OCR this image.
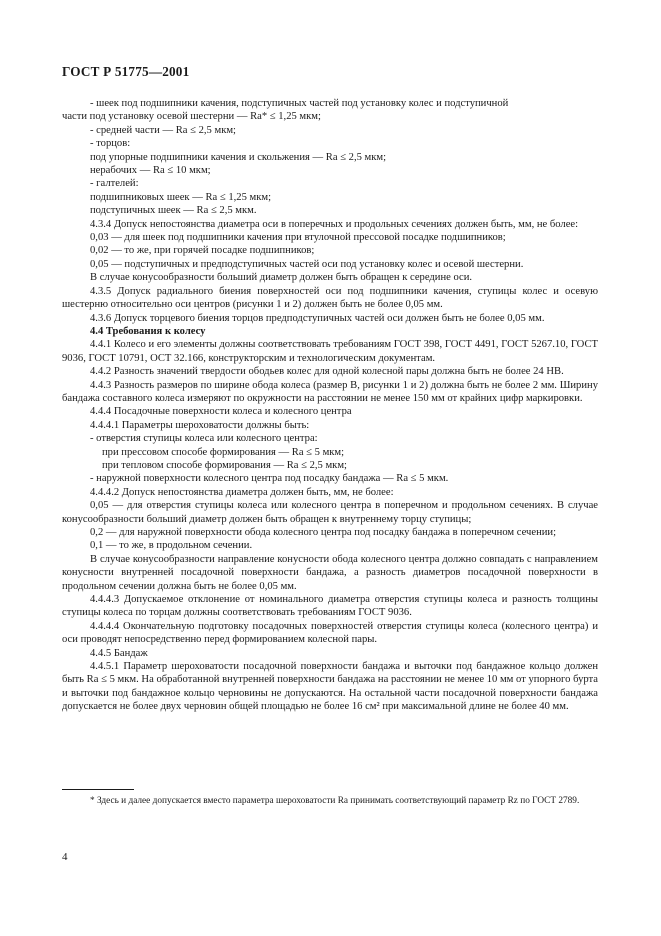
ГОСТ Р 51775—2001

- шеек под подшипники качения, подступичных частей под установку колес и подступичной

части под установку осевой шестерни — Ra* ≤ 1,25 мкм;

- средней части — Ra ≤ 2,5 мкм;

- торцов:

под упорные подшипники качения и скольжения — Ra ≤ 2,5 мкм;

нерабочих — Ra ≤ 10 мкм;

- галтелей:

подшипниковых шеек — Ra ≤ 1,25 мкм;

подступичных шеек — Ra ≤ 2,5 мкм.

4.3.4 Допуск непостоянства диаметра оси в поперечных и продольных сечениях должен быть, мм, не более:

0,03 — для шеек под подшипники качения при втулочной прессовой посадке подшипников;

0,02 — то же, при горячей посадке подшипников;

0,05 — подступичных и предподступичных частей оси под установку колес и осевой шестерни.

В случае конусообразности больший диаметр должен быть обращен к середине оси.

4.3.5 Допуск радиального биения поверхностей оси под подшипники качения, ступицы колес и осевую шестерню относительно оси центров (рисунки 1 и 2) должен быть не более 0,05 мм.

4.3.6 Допуск торцевого биения торцов предподступичных частей оси должен быть не более 0,05 мм.

4.4 Требования к колесу

4.4.1 Колесо и его элементы должны соответствовать требованиям ГОСТ 398, ГОСТ 4491, ГОСТ 5267.10, ГОСТ 9036, ГОСТ 10791, ОСТ 32.166, конструкторским и технологическим документам.

4.4.2 Разность значений твердости ободьев колес для одной колесной пары должна быть не более 24 НВ.

4.4.3 Разность размеров по ширине обода колеса (размер В, рисунки 1 и 2) должна быть не более 2 мм. Ширину бандажа составного колеса измеряют по окружности на расстоянии не менее 150 мм от крайних цифр маркировки.

4.4.4 Посадочные поверхности колеса и колесного центра

4.4.4.1 Параметры шероховатости должны быть:

- отверстия ступицы колеса или колесного центра:

при прессовом способе формирования — Ra ≤ 5 мкм;

при тепловом способе формирования — Ra ≤ 2,5 мкм;

- наружной поверхности колесного центра под посадку бандажа — Ra ≤ 5 мкм.

4.4.4.2 Допуск непостоянства диаметра должен быть, мм, не более:

0,05 — для отверстия ступицы колеса или колесного центра в поперечном и продольном сечениях. В случае конусообразности больший диаметр должен быть обращен к внутреннему торцу ступицы;

0,2 — для наружной поверхности обода колесного центра под посадку бандажа в поперечном сечении;

0,1 — то же, в продольном сечении.

В случае конусообразности направление конусности обода колесного центра должно совпадать с направлением конусности внутренней посадочной поверхности бандажа, а разность диаметров посадочной поверхности в продольном сечении должна быть не более 0,05 мм.

4.4.4.3 Допускаемое отклонение от номинального диаметра отверстия ступицы колеса и разность толщины ступицы колеса по торцам должны соответствовать требованиям ГОСТ 9036.

4.4.4.4 Окончательную подготовку посадочных поверхностей отверстия ступицы колеса (колесного центра) и оси проводят непосредственно перед формированием колесной пары.

4.4.5 Бандаж

4.4.5.1 Параметр шероховатости посадочной поверхности бандажа и выточки под бандажное кольцо должен быть Ra ≤ 5 мкм. На обработанной внутренней поверхности бандажа на расстоянии не менее 10 мм от упорного бурта и выточки под бандажное кольцо черновины не допускаются. На остальной части посадочной поверхности бандажа допускается не более двух черновин общей площадью не более 16 см² при максимальной длине не более 40 мм.

* Здесь и далее допускается вместо параметра шероховатости Ra принимать соответствующий параметр Rz по ГОСТ 2789.

4
